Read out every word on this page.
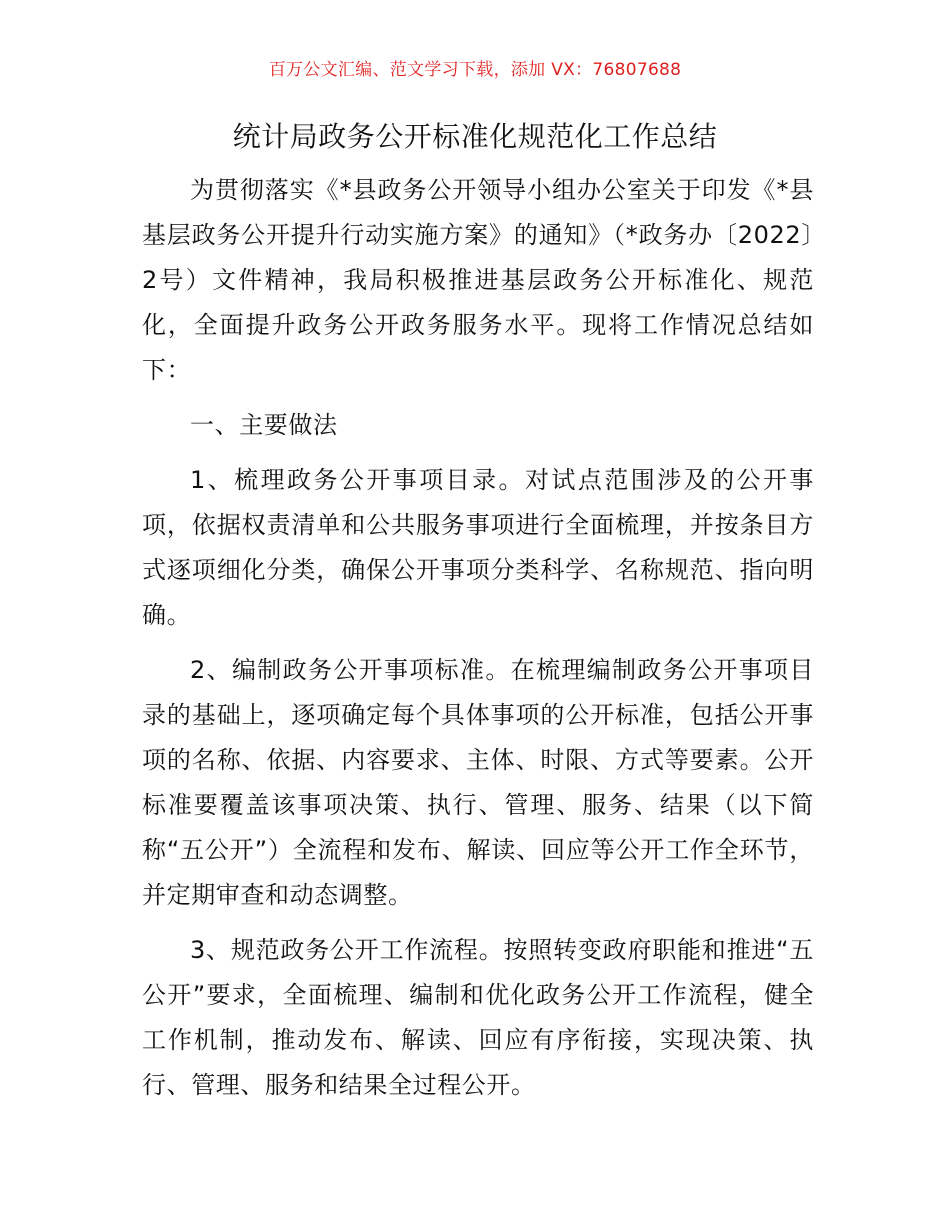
百万公文汇编、范文学习下载，添加 VX：76807688
统计局政务公开标准化规范化工作总结

为贯彻落实《*县政务公开领导小组办公室关于印发《*县基层政务公开提升行动实施方案》的通知》（*政务办〔2022〕2号）文件精神，我局积极推进基层政务公开标准化、规范化，全面提升政务公开政务服务水平。现将工作情况总结如下：

一、主要做法

1、梳理政务公开事项目录。对试点范围涉及的公开事项，依据权责清单和公共服务事项进行全面梳理，并按条目方式逐项细化分类，确保公开事项分类科学、名称规范、指向明确。

2、编制政务公开事项标准。在梳理编制政务公开事项目录的基础上，逐项确定每个具体事项的公开标准，包括公开事项的名称、依据、内容要求、主体、时限、方式等要素。公开标准要覆盖该事项决策、执行、管理、服务、结果（以下简称“五公开”）全流程和发布、解读、回应等公开工作全环节，并定期审查和动态调整。

3、规范政务公开工作流程。按照转变政府职能和推进“五公开”要求，全面梳理、编制和优化政务公开工作流程，健全工作机制，推动发布、解读、回应有序衔接，实现决策、执行、管理、服务和结果全过程公开。
